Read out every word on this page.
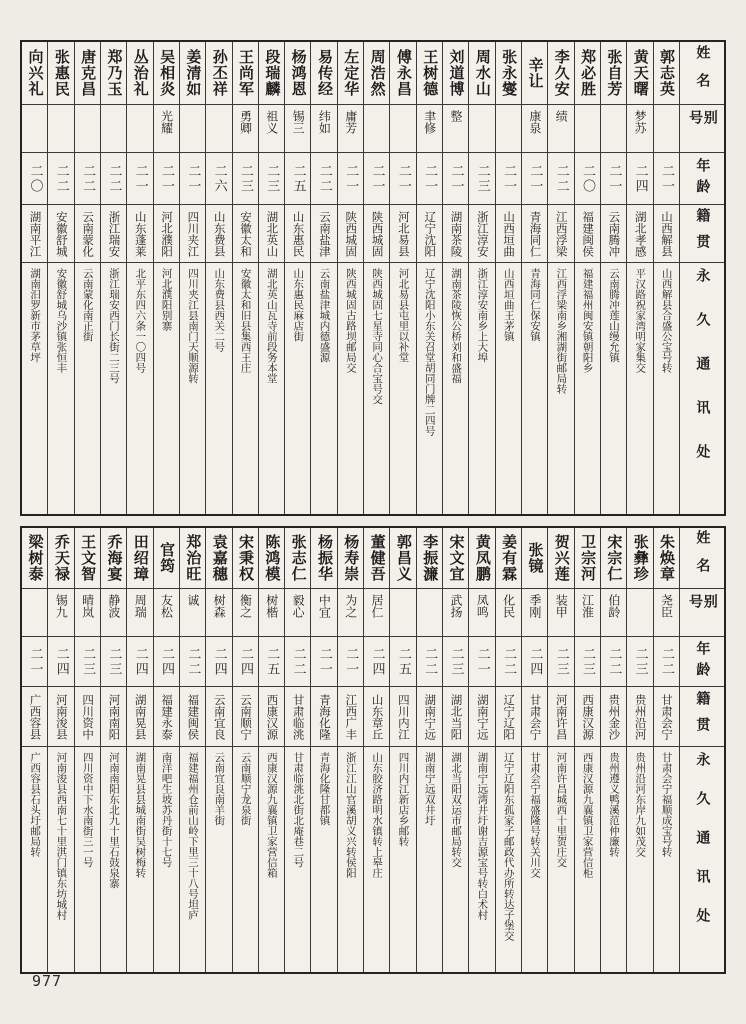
向兴礼
二〇
湖南平江
湖南汨罗新市茅草坪
张惠民
二二
安徽舒城
安徽舒城乌沙镇张恒丰
唐克昌
二二
云南蒙化
云南蒙化南正街
郑乃玉
二二
浙江瑞安
浙江瑞安西门长街二三号
丛治礼
二一
山东蓬莱
北平东四六条一〇四号
吴相炎
光耀
二一
河北濮阳
河北濮阳别寨
姜清如
二一
四川夹江
四川夹江县南门天顺源转
孙丕祥
二六
山东费县
山东费县西关二号
王尚军
勇卿
二三
安徽太和
安徽太和旧县集西王庄
段瑞麟
祖义
二三
湖北英山
湖北英山瓦寺前段务本堂
杨鸿恩
锡三
二五
山东惠民
山东惠民麻店街
易传经
纬如
二二
云南盐津
云南盐津城内德盛源
左定华
庸芳
二一
陕西城固
陕西城固古路坝邮局交
周浩然
二一
陕西城固
陕西城固七星寺同心合宝号交
傅永昌
二一
河北易县
河北易县屯里以补堂
王树德
聿修
二一
辽宁沈阳
辽宁沈阳小东关召堂胡同门牌二四号
刘道博
整
二一
湖南茶陵
湖南茶陵恢公桥刘和盛福
周水山
二三
浙江淳安
浙江淳安南乡上大埠
张永燮
二一
山西垣曲
山西垣曲王茅镇
辛让
康泉
二一
青海同仁
青海同仁保安镇
李久安
绩
二二
江西浮梁
江西浮梁南乡湘湖街邮局转
郑必胜
二〇
福建闽侯
福建福州闽安镇朝阳乡
张自芳
二一
云南腾冲
云南腾冲莲山缦允镇
黄天曙
梦苏
二四
湖北孝感
平汉路祝家湾明家集交
郭志英
二一
山西解县
山西解县合盛公宝号转
姓名
别号
年龄
籍贯
永久通讯处
梁树泰
二一
广西容县
广西容县石头圩邮局转
乔天禄
锡九
二四
河南浚县
河南浚县西南七十里淇门镇东坊城村
王文智
晴岚
二三
四川资中
四川资中下水南街三一号
乔海宴
静波
二三
河南南阳
河南南阳东北九十里石鼓泉寨
田绍璋
周瑞
二四
湖南晃县
湖南晃县县城南街吴树梅转
官筠
友松
二四
福建永泰
南洋吧生坡苏丹街十七号
郑治旺
诚
二二
福建闽侯
福建福州仓前山岭下里三十八号坦庐
袁嘉穗
树森
二四
云南宜良
云南宜良南羊街
宋秉权
衡之
二四
云南顺宁
云南顺宁龙泉街
陈鸿模
树楷
二五
西康汉源
西康汉源九襄镇卫家营信箱
张志仁
毅心
二二
甘肃临洮
甘肃临洮北街北庵巷二号
杨振华
中宜
二一
青海化隆
青海化隆甘都镇
杨寿崇
为之
二一
江西广丰
浙江江山官溪胡义兴转侯阳
董健吾
居仁
二四
山东章丘
山东胶济路明水镇转上皋庄
郭昌义
二五
四川内江
四川内江新店乡邮转
李振濂
二二
湖南宁远
湖南宁远双井圩
宋文宜
武扬
二三
湖北当阳
湖北当阳双运市邮局转交
黄凤鹏
凤鸣
二一
湖南宁远
湖南宁远湾井圩谢吉源宝号转白术村
姜有霖
化民
二二
辽宁辽阳
辽宁辽阳东孤家子邮政代办所转达子堡交
张镜
季刚
二四
甘肃会宁
甘肃会宁福盛隆号转关川交
贺兴莲
装甲
二三
河南许昌
河南许昌城西十里贺庄交
卫宗河
江淮
二三
西康汉源
西康汉源九襄镇卫家营信柜
宋宗仁
伯龄
二二
贵州金沙
贵州遵义鸭溪范仲廉转
张彝珍
二三
贵州沿河
贵州沿河东岸九如茂交
朱焕章
尧臣
二二
甘肃会宁
甘肃会宁福顺成宝号转
姓名
别号
年龄
籍贯
永久通讯处
977
